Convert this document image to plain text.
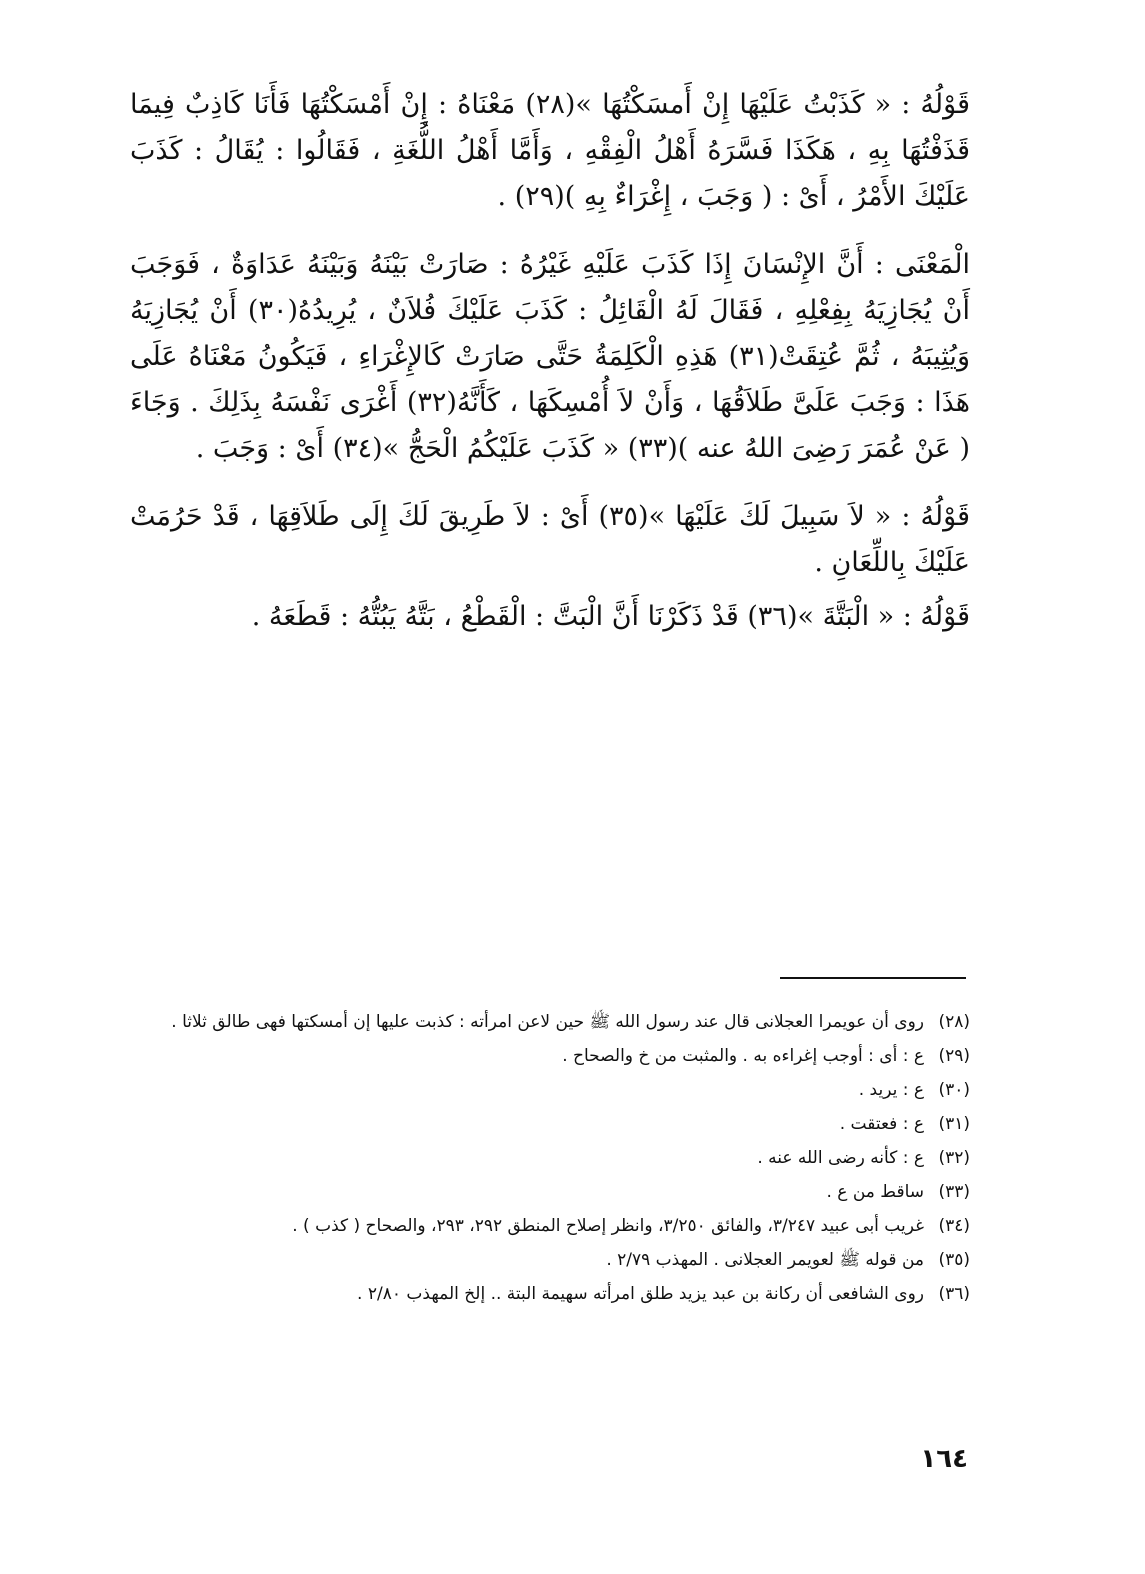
قَوْلُهُ : « كَذَبْتُ عَلَيْهَا إِنْ أَمسَكْتُهَا »(٢٨) مَعْنَاهُ : إِنْ أَمْسَكْتُهَا فَأَنَا كَاذِبٌ فِيمَا قَذَفْتُهَا بِهِ ، هَكَذَا فَسَّرَهُ أَهْلُ الْفِقْهِ ، وَأَمَّا أَهْلُ اللُّغَةِ ، فَقَالُوا : يُقَالُ : كَذَبَ عَلَيْكَ الأَمْرُ ، أَىْ : ( وَجَبَ ، إِغْرَاءٌ بِهِ )(٢٩) .

الْمَعْنَى : أَنَّ الإِنْسَانَ إِذَا كَذَبَ عَلَيْهِ غَيْرُهُ : صَارَتْ بَيْنَهُ وَبَيْنَهُ عَدَاوَةٌ ، فَوَجَبَ أَنْ يُجَازِيَهُ بِفِعْلِهِ ، فَقَالَ لَهُ الْقَائِلُ : كَذَبَ عَلَيْكَ فُلاَنٌ ، يُرِيدُهُ(٣٠) أَنْ يُجَازِيَهُ وَيُثِيبَهُ ، ثُمَّ عُتِقَتْ(٣١) هَذِهِ الْكَلِمَةُ حَتَّى صَارَتْ كَالإِغْرَاءِ ، فَيَكُونُ مَعْنَاهُ عَلَى هَذَا : وَجَبَ عَلَىَّ طَلاَقُهَا ، وَأَنْ لاَ أُمْسِكَهَا ، كَأَنَّهُ(٣٢) أَغْرَى نَفْسَهُ بِذَلِكَ . وَجَاءَ ( عَنْ عُمَرَ رَضِىَ اللهُ عنه )(٣٣) « كَذَبَ عَلَيْكُمُ الْحَجُّ »(٣٤) أَىْ : وَجَبَ .

قَوْلُهُ : « لاَ سَبِيلَ لَكَ عَلَيْهَا »(٣٥) أَىْ : لاَ طَرِيقَ لَكَ إِلَى طَلاَقِهَا ، قَدْ حَرُمَتْ عَلَيْكَ بِاللِّعَانِ .

قَوْلُهُ : « الْبَتَّةَ »(٣٦) قَدْ ذَكَرْنَا أَنَّ الْبَتَّ : الْقَطْعُ ، بَتَّهُ يَبُتُّهُ : قَطَعَهُ .

(٢٨)
روى أن عويمرا العجلانى قال عند رسول الله ﷺ حين لاعن امرأته : كذبت عليها إن أمسكتها فهى طالق ثلاثا .
(٢٩)
ع : أى : أوجب إغراءه به . والمثبت من خ والصحاح .
(٣٠)
ع : يريد .
(٣١)
ع : فعتقت .
(٣٢)
ع : كأنه رضى الله عنه .
(٣٣)
ساقط من ع .
(٣٤)
غريب أبى عبيد ٣/٢٤٧، والفائق ٣/٢٥٠، وانظر إصلاح المنطق ٢٩٢، ٢٩٣، والصحاح ( كذب ) .
(٣٥)
من قوله ﷺ لعويمر العجلانى . المهذب ٢/٧٩ .
(٣٦)
روى الشافعى أن ركانة بن عبد يزيد طلق امرأته سهيمة البتة .. إلخ المهذب ٢/٨٠ .
١٦٤
